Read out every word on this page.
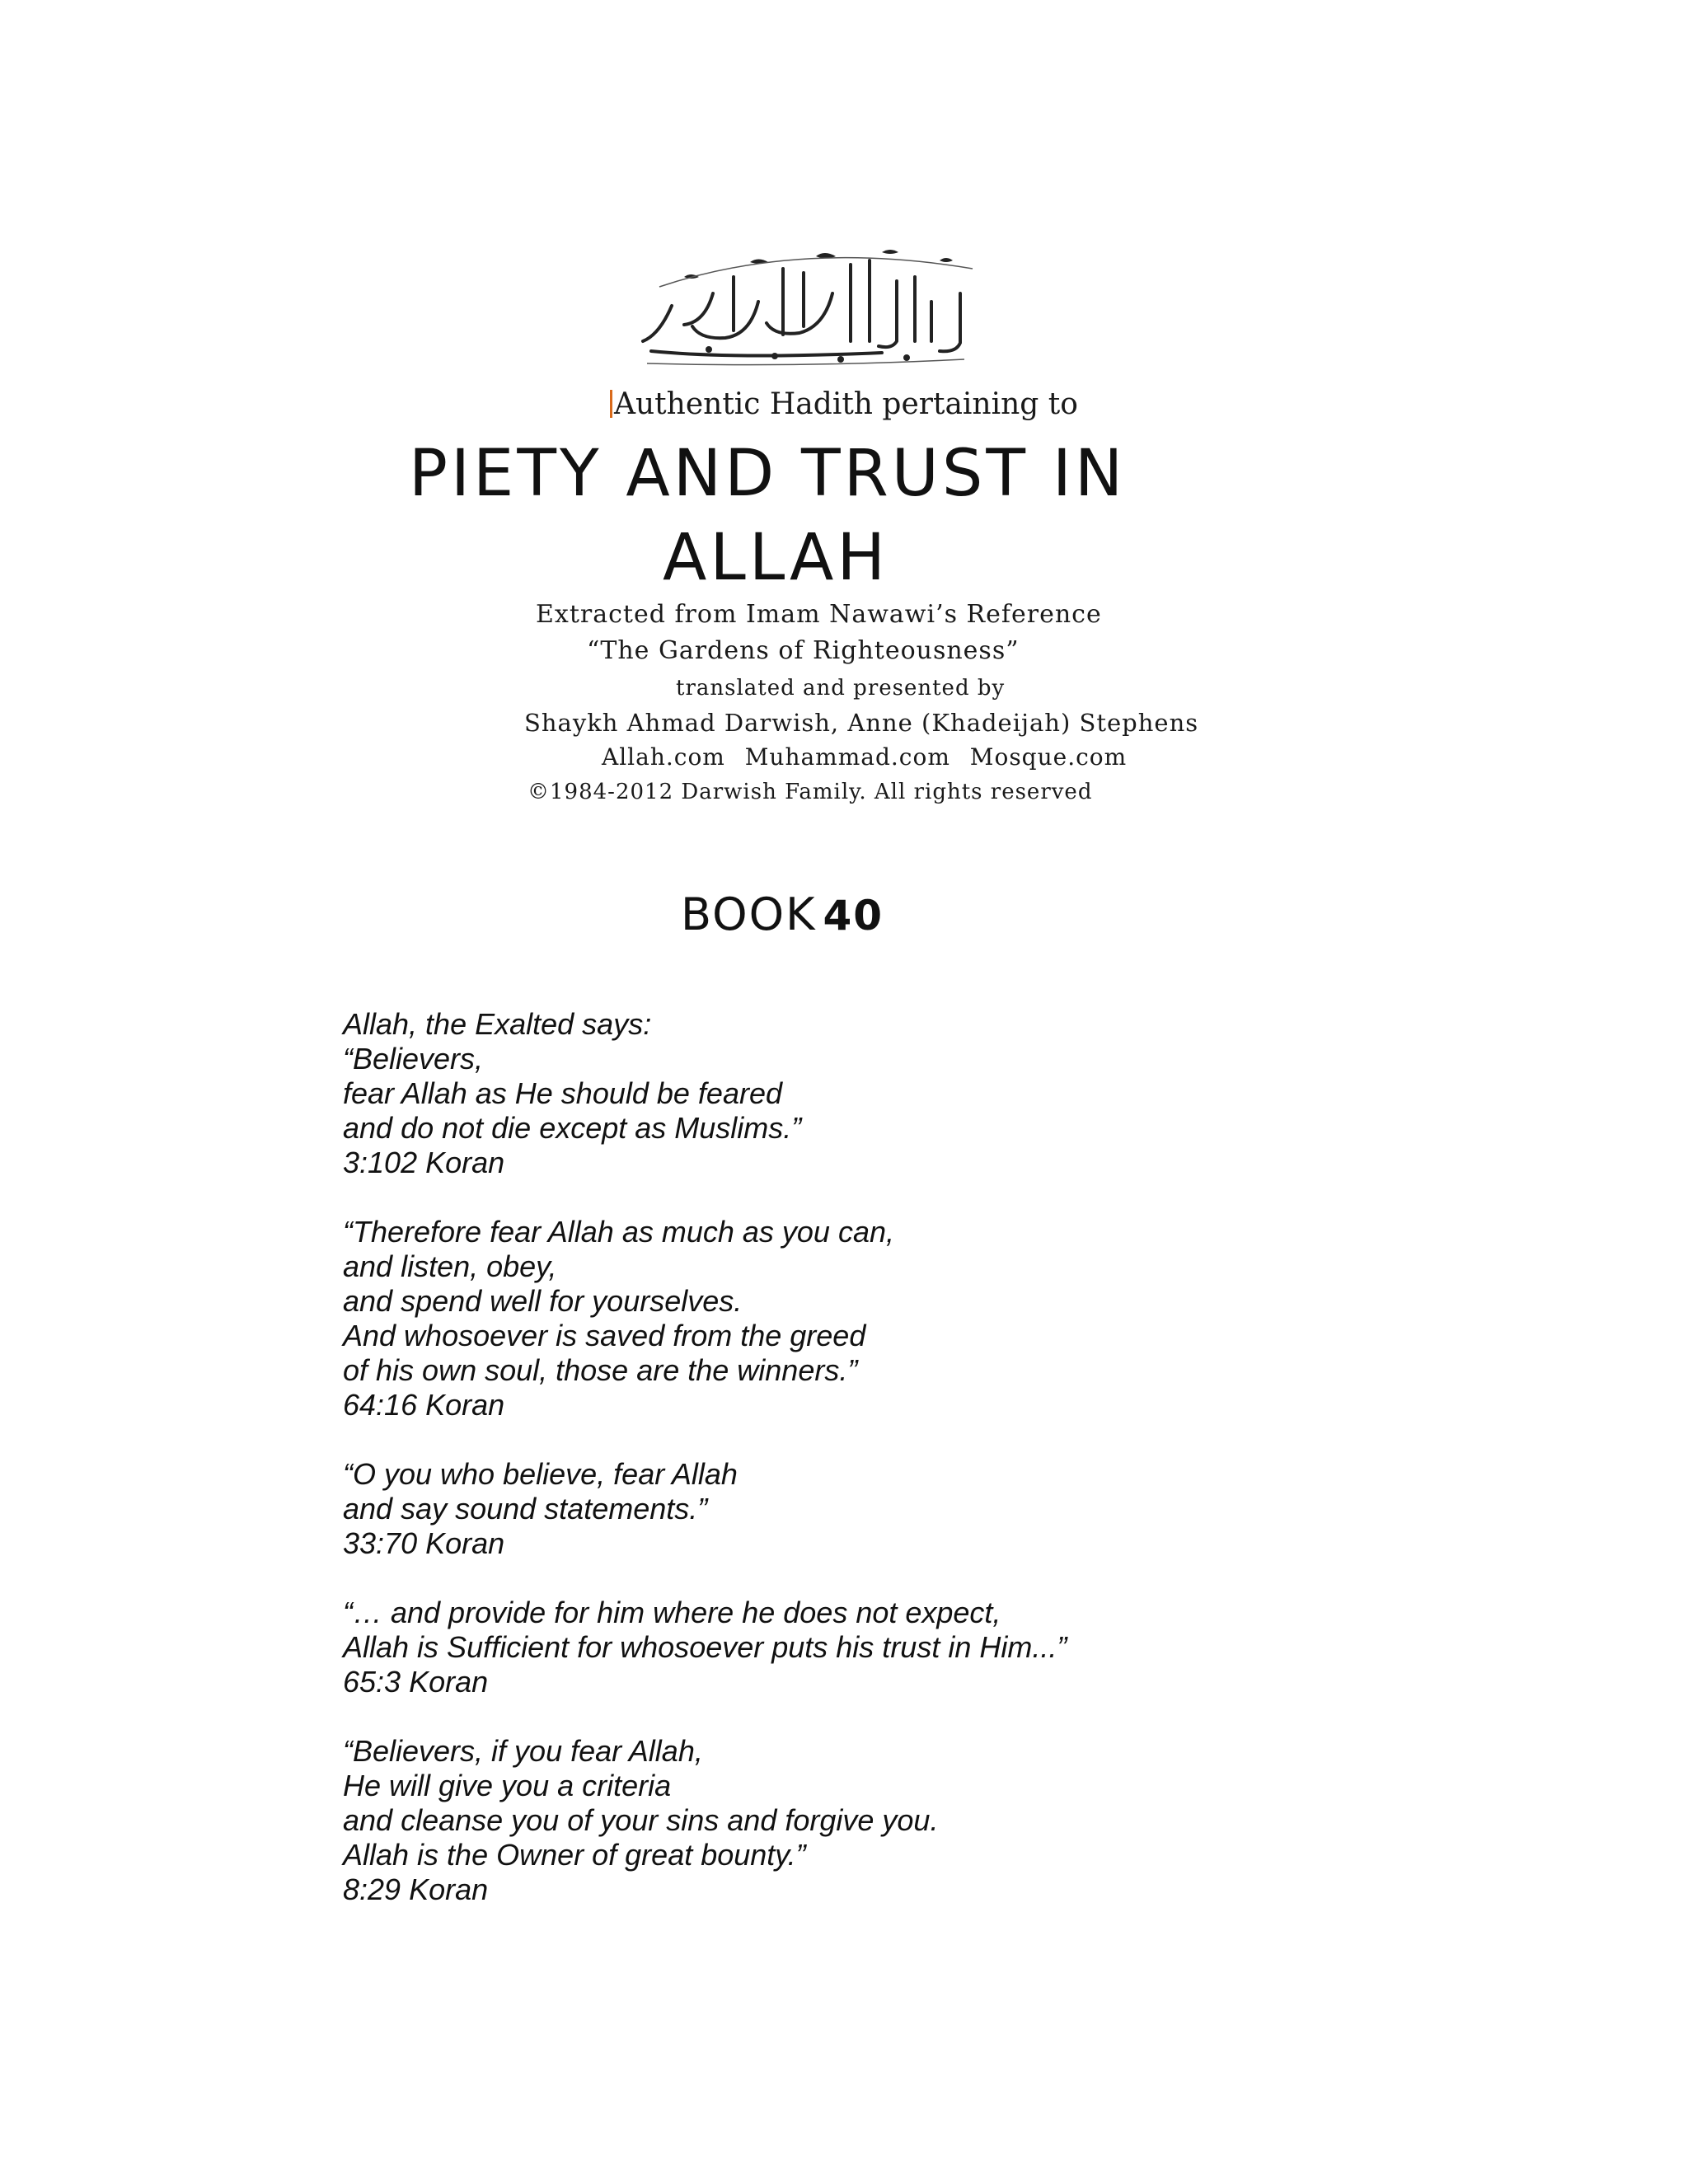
Authentic Hadith pertaining to
PIETY AND TRUST IN
ALLAH
Extracted from Imam Nawawi’s Reference
“The Gardens of Righteousness”
translated and presented by
Shaykh Ahmad Darwish, Anne (Khadeijah) Stephens
Allah.com Muhammad.com Mosque.com
©1984-2012 Darwish Family. All rights reserved
BOOK 40
Allah, the Exalted says:
“Believers,
fear Allah as He should be feared
and do not die except as Muslims.”
3:102 Koran
“Therefore fear Allah as much as you can,
and listen, obey,
and spend well for yourselves.
And whosoever is saved from the greed
of his own soul, those are the winners.”
64:16 Koran
“O you who believe, fear Allah
and say sound statements.”
33:70 Koran
“… and provide for him where he does not expect,
Allah is Sufficient for whosoever puts his trust in Him...”
65:3 Koran
“Believers, if you fear Allah,
He will give you a criteria
and cleanse you of your sins and forgive you.
Allah is the Owner of great bounty.”
8:29 Koran
